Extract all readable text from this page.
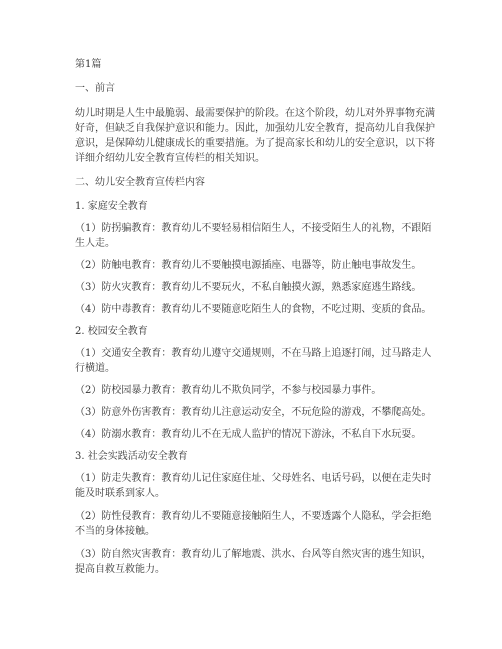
第1篇

一、前言

幼儿时期是人生中最脆弱、最需要保护的阶段。在这个阶段，幼儿对外界事物充满好奇，但缺乏自我保护意识和能力。因此，加强幼儿安全教育，提高幼儿自我保护意识，是保障幼儿健康成长的重要措施。为了提高家长和幼儿的安全意识，以下将详细介绍幼儿安全教育宣传栏的相关知识。

二、幼儿安全教育宣传栏内容

1. 家庭安全教育

（1）防拐骗教育：教育幼儿不要轻易相信陌生人，不接受陌生人的礼物，不跟陌生人走。

（2）防触电教育：教育幼儿不要触摸电源插座、电器等，防止触电事故发生。

（3）防火灾教育：教育幼儿不要玩火，不私自触摸火源，熟悉家庭逃生路线。

（4）防中毒教育：教育幼儿不要随意吃陌生人的食物，不吃过期、变质的食品。

2. 校园安全教育

（1）交通安全教育：教育幼儿遵守交通规则，不在马路上追逐打闹，过马路走人行横道。

（2）防校园暴力教育：教育幼儿不欺负同学，不参与校园暴力事件。

（3）防意外伤害教育：教育幼儿注意运动安全，不玩危险的游戏，不攀爬高处。

（4）防溺水教育：教育幼儿不在无成人监护的情况下游泳，不私自下水玩耍。

3. 社会实践活动安全教育

（1）防走失教育：教育幼儿记住家庭住址、父母姓名、电话号码，以便在走失时能及时联系到家人。

（2）防性侵教育：教育幼儿不要随意接触陌生人，不要透露个人隐私，学会拒绝不当的身体接触。

（3）防自然灾害教育：教育幼儿了解地震、洪水、台风等自然灾害的逃生知识，提高自救互救能力。
